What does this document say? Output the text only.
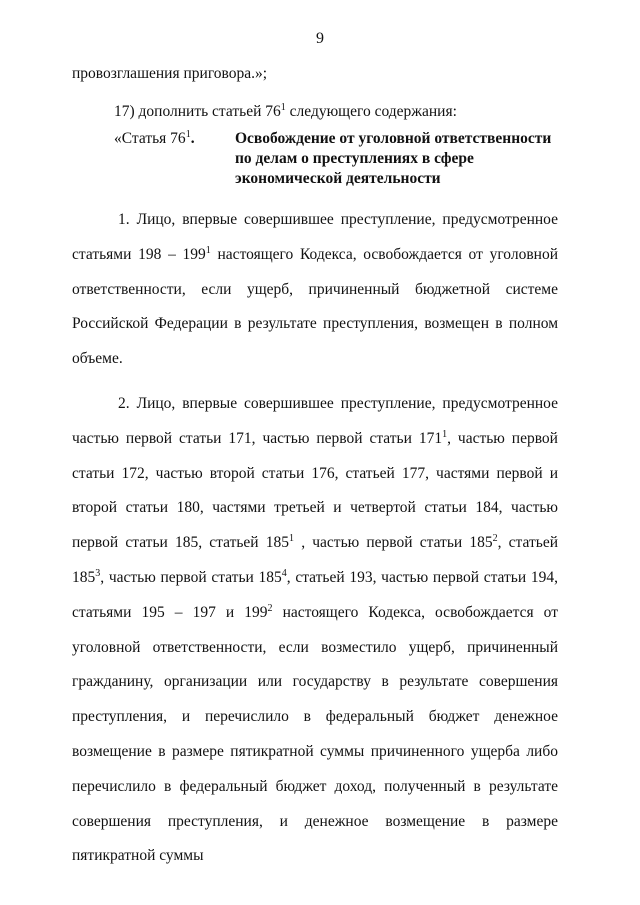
9
провозглашения приговора.»;
17) дополнить статьей $76^1$ следующего содержания:
«Статья $76^1$.	Освобождение от уголовной ответственности по делам о преступлениях в сфере экономической деятельности

1. Лицо, впервые совершившее преступление, предусмотренное статьями $198 - 199^1$ настоящего Кодекса, освобождается от уголовной ответственности, если ущерб, причиненный бюджетной системе Российской Федерации в результате преступления, возмещен в полном объеме.

2. Лицо, впервые совершившее преступление, предусмотренное частью первой статьи 171, частью первой статьи $171^1$, частью первой статьи 172, частью второй статьи 176, статьей 177, частями первой и второй статьи 180, частями третьей и четвертой статьи 184, частью первой статьи 185, статьей $185^1$ , частью первой статьи $185^2$, статьей $185^3$, частью первой статьи $185^4$, статьей 193, частью первой статьи 194, статьями 195 – 197 и $199^2$ настоящего Кодекса, освобождается от уголовной ответственности, если возместило ущерб, причиненный гражданину, организации или государству в результате совершения преступления, и перечислило в федеральный бюджет денежное возмещение в размере пятикратной суммы причиненного ущерба либо перечислило в федеральный бюджет доход, полученный в результате совершения преступления, и денежное возмещение в размере пятикратной суммы
